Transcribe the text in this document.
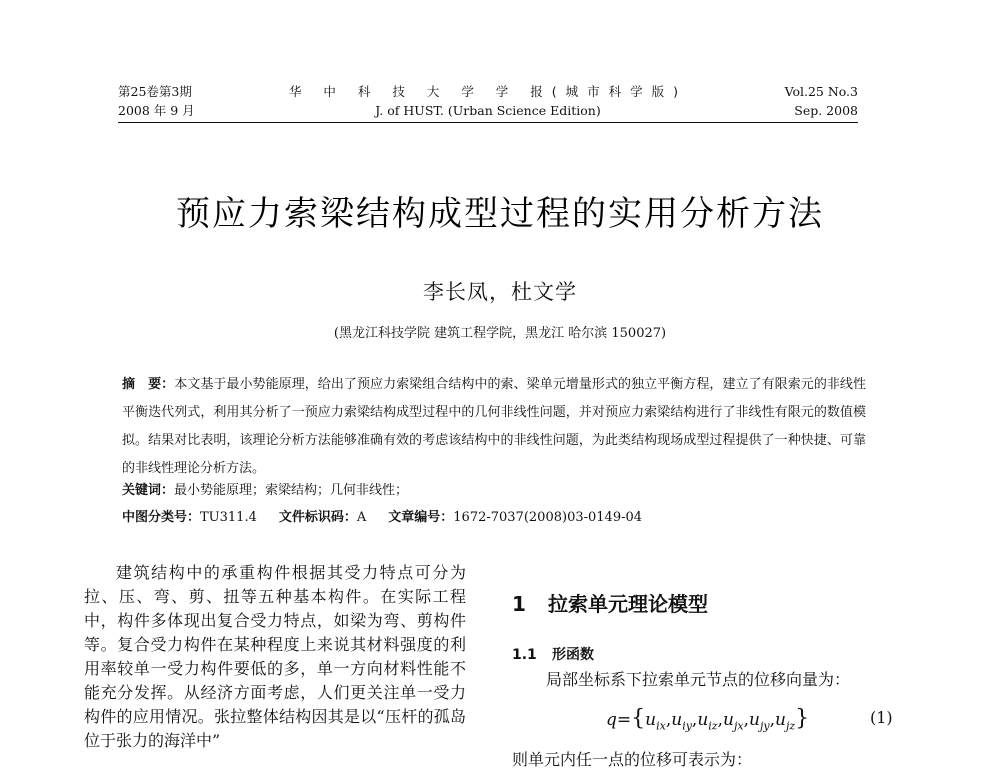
第25卷第3期
2008 年 9 月
华 中 科 技 大 学 学 报(城市科学版)
J. of HUST. (Urban Science Edition)
Vol.25 No.3
Sep. 2008
预应力索梁结构成型过程的实用分析方法
李长凤，杜文学
(黑龙江科技学院 建筑工程学院，黑龙江 哈尔滨 150027)
摘　要：本文基于最小势能原理，给出了预应力索梁组合结构中的索、梁单元增量形式的独立平衡方程，建立了有限索元的非线性平衡迭代列式，利用其分析了一预应力索梁结构成型过程中的几何非线性问题，并对预应力索梁结构进行了非线性有限元的数值模拟。结果对比表明，该理论分析方法能够准确有效的考虑该结构中的非线性问题，为此类结构现场成型过程提供了一种快捷、可靠的非线性理论分析方法。
关键词：最小势能原理；索梁结构；几何非线性；
中图分类号：TU311.4 文件标识码：A 文章编号：1672-7037(2008)03-0149-04

建筑结构中的承重构件根据其受力特点可分为拉、压、弯、剪、扭等五种基本构件。在实际工程中，构件多体现出复合受力特点，如梁为弯、剪构件等。复合受力构件在某种程度上来说其材料强度的利用率较单一受力构件要低的多，单一方向材料性能不能充分发挥。从经济方面考虑，人们更关注单一受力构件的应用情况。张拉整体结构因其是以“压杆的孤岛位于张力的海洋中”

1 拉索单元理论模型
1.1 形函数
局部坐标系下拉索单元节点的位移向量为：
$q=\{u_{ix},u_{iy},u_{iz},u_{jx},u_{jy},u_{jz}\}$	(1)
则单元内任一点的位移可表示为：
